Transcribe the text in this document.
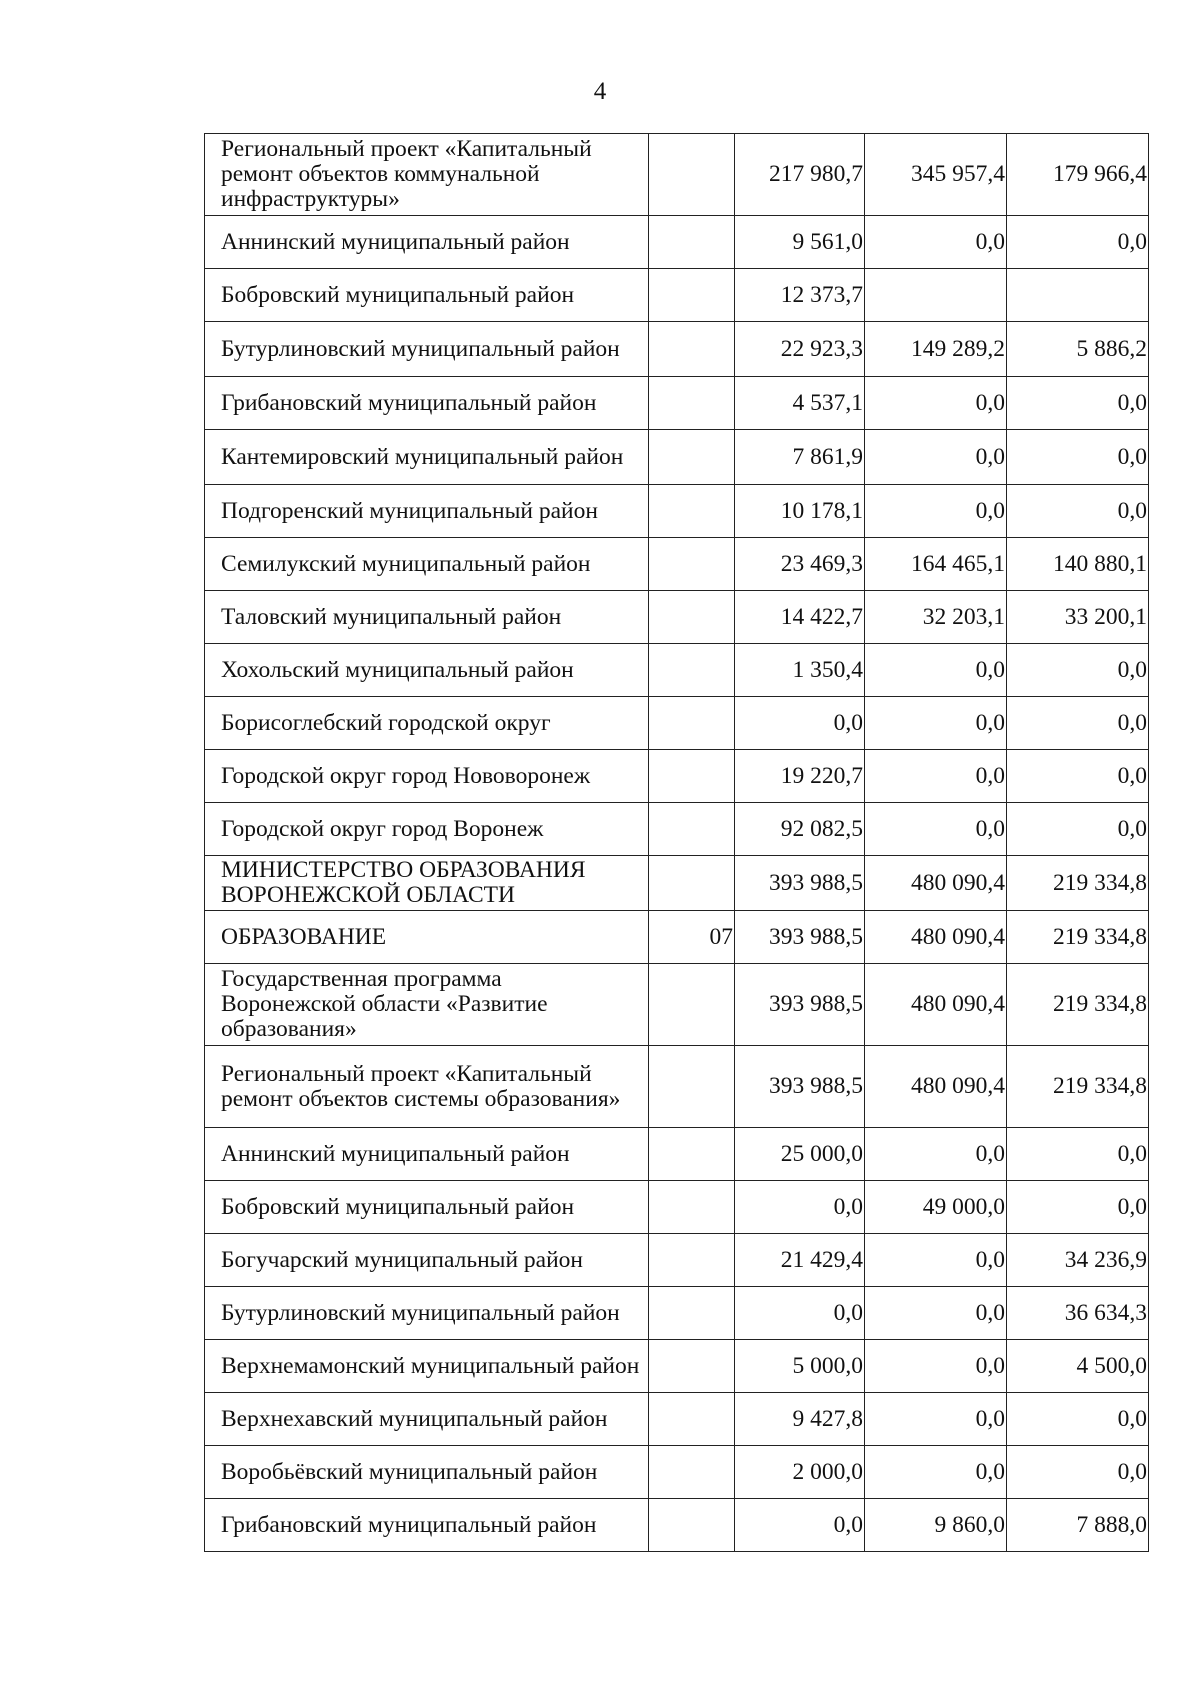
4
Региональный проект «Капитальный ремонт объектов коммунальной инфраструктуры»		217 980,7	345 957,4	179 966,4
Аннинский муниципальный район		9 561,0	0,0	0,0
Бобровский муниципальный район		12 373,7		
Бутурлиновский муниципальный район		22 923,3	149 289,2	5 886,2
Грибановский муниципальный район		4 537,1	0,0	0,0
Кантемировский муниципальный район		7 861,9	0,0	0,0
Подгоренский муниципальный район		10 178,1	0,0	0,0
Семилукский муниципальный район		23 469,3	164 465,1	140 880,1
Таловский муниципальный район		14 422,7	32 203,1	33 200,1
Хохольский муниципальный район		1 350,4	0,0	0,0
Борисоглебский городской округ		0,0	0,0	0,0
Городской округ город Нововоронеж		19 220,7	0,0	0,0
Городской округ город Воронеж		92 082,5	0,0	0,0
МИНИСТЕРСТВО ОБРАЗОВАНИЯ ВОРОНЕЖСКОЙ ОБЛАСТИ		393 988,5	480 090,4	219 334,8
ОБРАЗОВАНИЕ	07	393 988,5	480 090,4	219 334,8
Государственная программа Воронежской области «Развитие образования»		393 988,5	480 090,4	219 334,8
Региональный проект «Капитальный ремонт объектов системы образования»		393 988,5	480 090,4	219 334,8
Аннинский муниципальный район		25 000,0	0,0	0,0
Бобровский муниципальный район		0,0	49 000,0	0,0
Богучарский муниципальный район		21 429,4	0,0	34 236,9
Бутурлиновский муниципальный район		0,0	0,0	36 634,3
Верхнемамонский муниципальный район		5 000,0	0,0	4 500,0
Верхнехавский муниципальный район		9 427,8	0,0	0,0
Воробьёвский муниципальный район		2 000,0	0,0	0,0
Грибановский муниципальный район		0,0	9 860,0	7 888,0
